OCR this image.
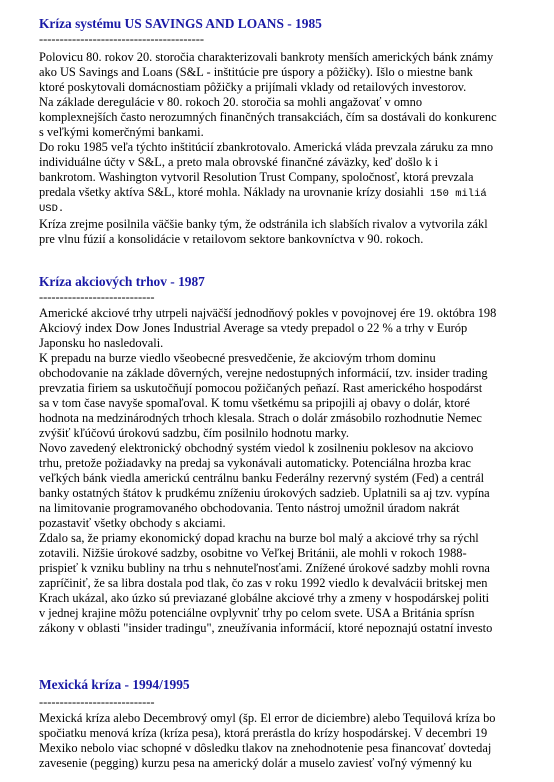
Kríza systému US SAVINGS AND LOANS - 1985
----------------------------------------

Polovicu 80. rokov 20. storočia charakterizovali bankroty menších amerických bánk známy
ako US Savings and Loans (S&L - inštitúcie pre úspory a pôžičky). Išlo o miestne bank
ktoré poskytovali domácnostiam pôžičky a prijímali vklady od retailových investorov.

Na základe deregulácie v 80. rokoch 20. storočia sa mohli angažovať v omno
komplexnejších často nerozumných finančných transakciách, čím sa dostávali do konkurenc
s veľkými komerčnými bankami.

Do roku 1985 veľa týchto inštitúcií zbankrotovalo. Americká vláda prevzala záruku za mno
individuálne účty v S&L, a preto mala obrovské finančné záväzky, keď došlo k i
bankrotom. Washington vytvoril Resolution Trust Company, spoločnosť, ktorá prevzala
predala všetky aktíva S&L, ktoré mohla. Náklady na urovnanie krízy dosiahli 150 miliá

USD.

Kríza zrejme posilnila väčšie banky tým, že odstránila ich slabších rivalov a vytvorila zákl
pre vlnu fúzií a konsolidácie v retailovom sektore bankovníctva v 90. rokoch.

Kríza akciových trhov - 1987
----------------------------

Americké akciové trhy utrpeli najväčší jednodňový pokles v povojnovej ére 19. októbra 198
Akciový index Dow Jones Industrial Average sa vtedy prepadol o 22 % a trhy v Európ
Japonsku ho nasledovali.

K prepadu na burze viedlo všeobecné presvedčenie, že akciovým trhom dominu
obchodovanie na základe dôverných, verejne nedostupných informácií, tzv. insider trading
prevzatia firiem sa uskutočňují pomocou požičaných peňazí. Rast amerického hospodárst
sa v tom čase navyše spomaľoval. K tomu všetkému sa pripojili aj obavy o dolár, ktoré
hodnota na medzinárodných trhoch klesala. Strach o dolár zmásobilo rozhodnutie Nemec
zvýšiť kľúčovú úrokovú sadzbu, čím posilnilo hodnotu marky.

Novo zavedený elektronický obchodný systém viedol k zosilneniu poklesov na akciovo
trhu, pretože požiadavky na predaj sa vykonávali automaticky. Potenciálna hrozba krac
veľkých bánk viedla americkú centrálnu banku Federálny rezervný systém (Fed) a centrál
banky ostatných štátov k prudkému zníženiu úrokových sadzieb. Uplatnili sa aj tzv. vypína
na limitovanie programovaného obchodovania. Tento nástroj umožnil úradom nakrát
pozastaviť všetky obchody s akciami.

Zdalo sa, že priamy ekonomický dopad krachu na burze bol malý a akciové trhy sa rýchl
zotavili. Nižšie úrokové sadzby, osobitne vo Veľkej Británii, ale mohli v rokoch 1988-
prispieť k vzniku bubliny na trhu s nehnuteľnosťami. Znížené úrokové sadzby mohli rovna
zapríčiniť, že sa libra dostala pod tlak, čo zas v roku 1992 viedlo k devalvácii britskej men

Krach ukázal, ako úzko sú previazané globálne akciové trhy a zmeny v hospodárskej politi
v jednej krajine môžu potenciálne ovplyvniť trhy po celom svete. USA a Británia sprísn
zákony v oblasti "insider tradingu", zneužívania informácií, ktoré nepoznajú ostatní investo

Mexická kríza - 1994/1995
----------------------------

Mexická kríza alebo Decembrový omyl (šp. El error de diciembre) alebo Tequilová kríza bo
spočiatku menová kríza (kríza pesa), ktorá prerástla do krízy hospodárskej. V decembri 19
Mexiko nebolo viac schopné v dôsledku tlakov na znehodnotenie pesa financovať dovtedaj
zavesenie (pegging) kurzu pesa na americký dolár a muselo zaviesť voľný výmenný ku
